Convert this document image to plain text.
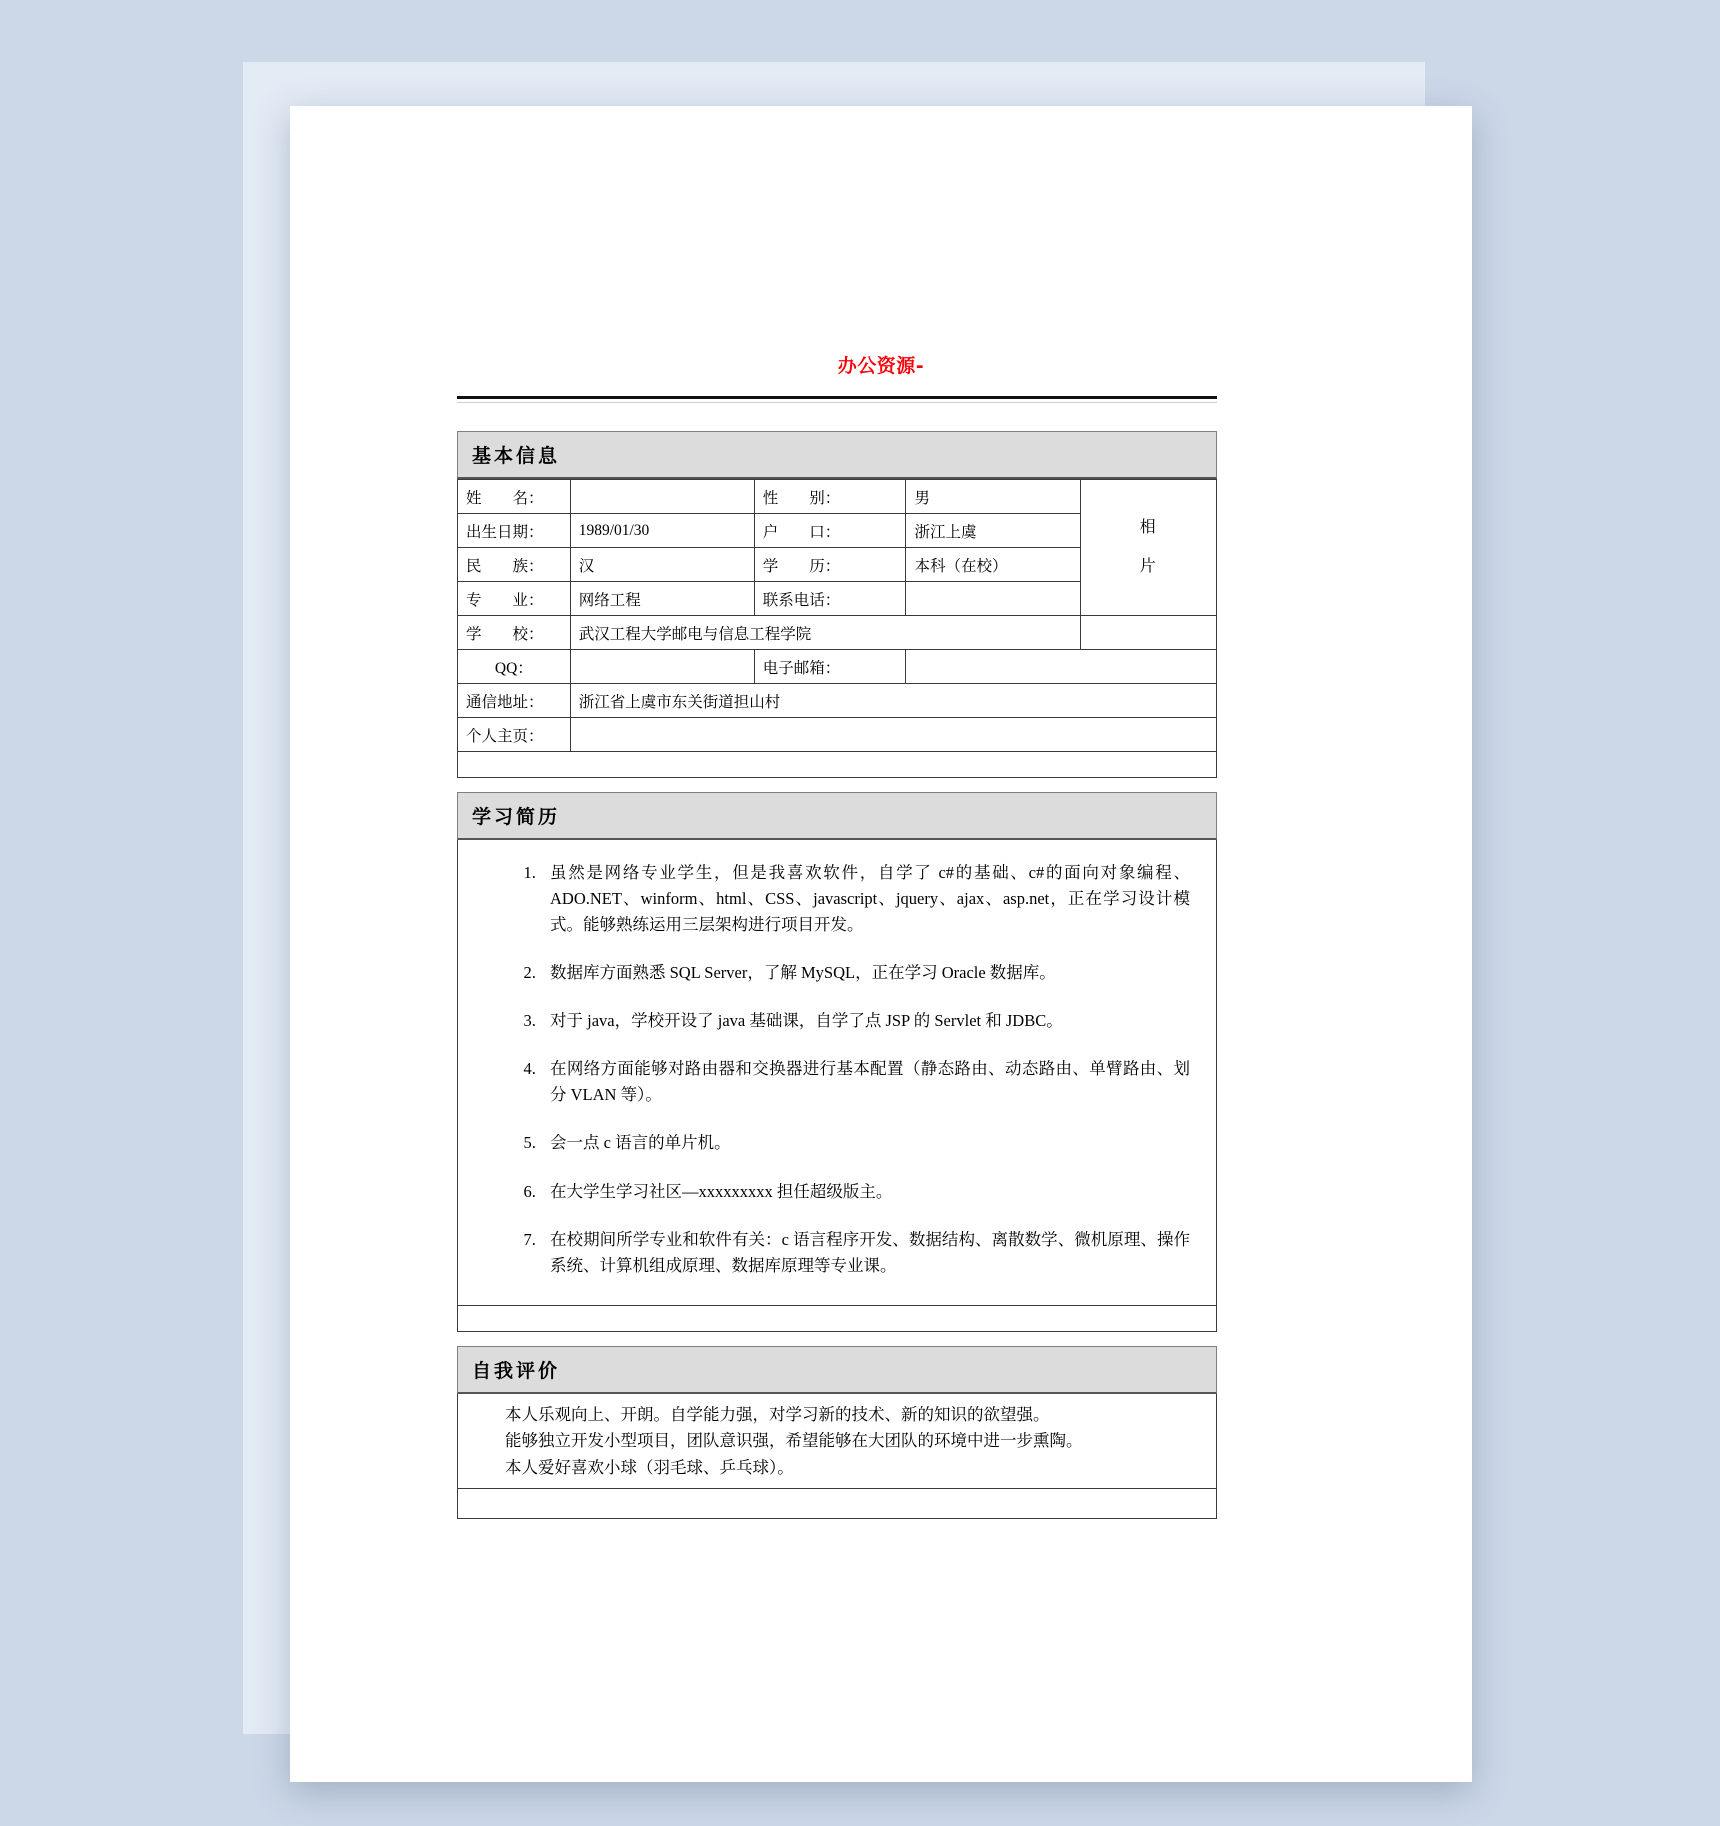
办公资源-
基本信息
姓　　名：		性　　别：	男	相
片

出生日期：	1989/01/30	户　　口：	浙江上虞	

民　　族：	汉	学　　历：	本科（在校）	

专　　业：	网络工程	联系电话：		

学　　校：	武汉工程大学邮电与信息工程学院			
QQ：		电子邮箱：		

通信地址：	浙江省上虞市东关街道担山村			

个人主页：				

学习简历
1. 虽然是网络专业学生，但是我喜欢软件，自学了 c#的基础、c#的面向对象编程、ADO.NET、winform、html、CSS、javascript、jquery、ajax、asp.net，正在学习设计模式。能够熟练运用三层架构进行项目开发。
2. 数据库方面熟悉 SQL Server，了解 MySQL，正在学习 Oracle 数据库。
3. 对于 java，学校开设了 java 基础课，自学了点 JSP 的 Servlet 和 JDBC。
4. 在网络方面能够对路由器和交换器进行基本配置（静态路由、动态路由、单臂路由、划分 VLAN 等）。
5. 会一点 c 语言的单片机。
6. 在大学生学习社区—xxxxxxxxx 担任超级版主。
7. 在校期间所学专业和软件有关：c 语言程序开发、数据结构、离散数学、微机原理、操作系统、计算机组成原理、数据库原理等专业课。
自我评价

本人乐观向上、开朗。自学能力强，对学习新的技术、新的知识的欲望强。

能够独立开发小型项目，团队意识强，希望能够在大团队的环境中进一步熏陶。

本人爱好喜欢小球（羽毛球、乒乓球）。
